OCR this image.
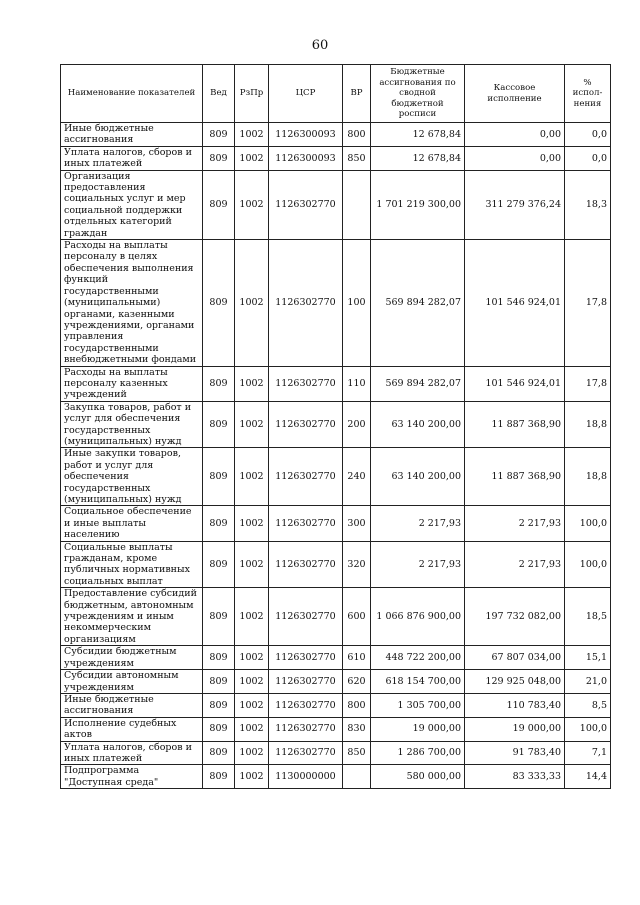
60
Наименование показателей	Вед	РзПр	ЦСР	ВР	Бюджетные ассигнования по сводной бюджетной росписи	Кассовое исполнение	% испол-нения
Иные бюджетные ассигнования	809	1002	1126300093	800	12 678,84	0,00	0,0
Уплата налогов, сборов и иных платежей	809	1002	1126300093	850	12 678,84	0,00	0,0
Организация предоставления социальных услуг и мер социальной поддержки отдельных категорий граждан	809	1002	1126302770		1 701 219 300,00	311 279 376,24	18,3
Расходы на выплаты персоналу в целях обеспечения выполнения функций государственными (муниципальными) органами, казенными учреждениями, органами управления государственными внебюджетными фондами	809	1002	1126302770	100	569 894 282,07	101 546 924,01	17,8
Расходы на выплаты персоналу казенных учреждений	809	1002	1126302770	110	569 894 282,07	101 546 924,01	17,8
Закупка товаров, работ и услуг для обеспечения государственных (муниципальных) нужд	809	1002	1126302770	200	63 140 200,00	11 887 368,90	18,8
Иные закупки товаров, работ и услуг для обеспечения государственных (муниципальных) нужд	809	1002	1126302770	240	63 140 200,00	11 887 368,90	18,8
Социальное обеспечение и иные выплаты населению	809	1002	1126302770	300	2 217,93	2 217,93	100,0
Социальные выплаты гражданам, кроме публичных нормативных социальных выплат	809	1002	1126302770	320	2 217,93	2 217,93	100,0
Предоставление субсидий бюджетным, автономным учреждениям и иным некоммерческим организациям	809	1002	1126302770	600	1 066 876 900,00	197 732 082,00	18,5
Субсидии бюджетным учреждениям	809	1002	1126302770	610	448 722 200,00	67 807 034,00	15,1
Субсидии автономным учреждениям	809	1002	1126302770	620	618 154 700,00	129 925 048,00	21,0
Иные бюджетные ассигнования	809	1002	1126302770	800	1 305 700,00	110 783,40	8,5
Исполнение судебных актов	809	1002	1126302770	830	19 000,00	19 000,00	100,0
Уплата налогов, сборов и иных платежей	809	1002	1126302770	850	1 286 700,00	91 783,40	7,1
Подпрограмма "Доступная среда"	809	1002	1130000000		580 000,00	83 333,33	14,4
